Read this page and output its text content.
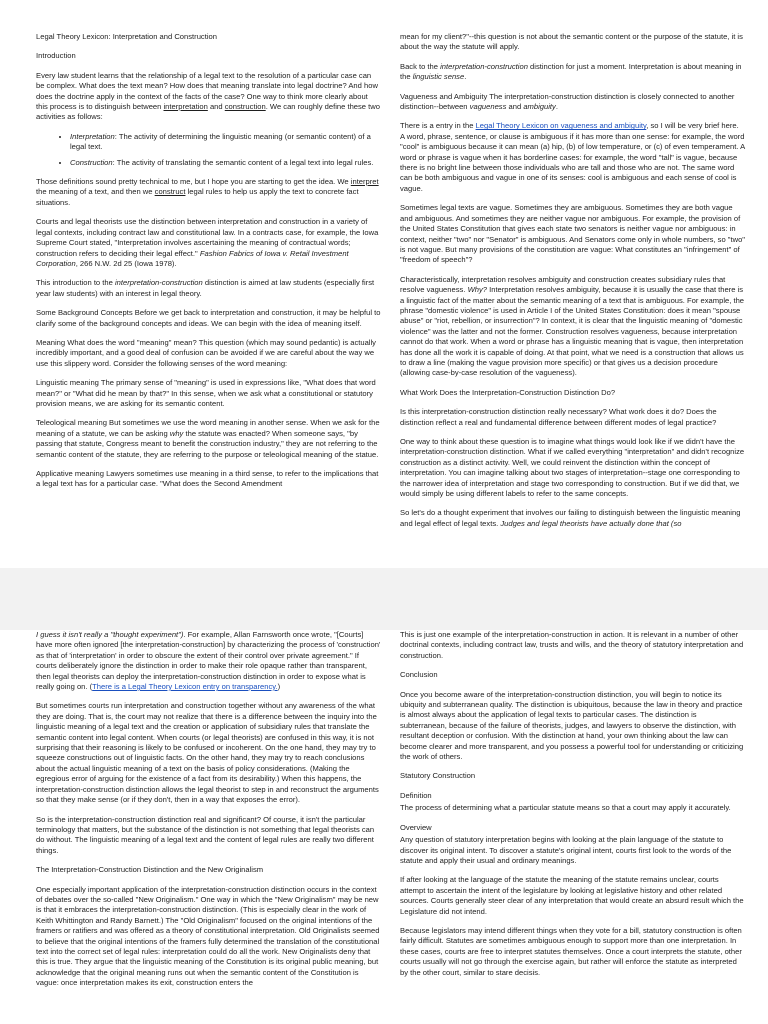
Legal Theory Lexicon: Interpretation and Construction

Introduction

Every law student learns that the relationship of a legal text to the resolution of a particular case can be complex. What does the text mean? How does that meaning translate into legal doctrine? And how does the doctrine apply in the context of the facts of the case? One way to think more clearly about this process is to distinguish between interpretation and construction. We can roughly define these two activities as follows:

• Interpretation: The activity of determining the linguistic meaning (or semantic content) of a legal text.
• Construction: The activity of translating the semantic content of a legal text into legal rules.

Those definitions sound pretty technical to me, but I hope you are starting to get the idea. We interpret the meaning of a text, and then we construct legal rules to help us apply the text to concrete fact situations.

Courts and legal theorists use the distinction between interpretation and construction in a variety of legal contexts, including contract law and constitutional law. In a contracts case, for example, the Iowa Supreme Court stated, "Interpretation involves ascertaining the meaning of contractual words; construction refers to deciding their legal effect." Fashion Fabrics of Iowa v. Retail Investment Corporation, 266 N.W. 2d 25 (Iowa 1978).

This introduction to the interpretation-construction distinction is aimed at law students (especially first year law students) with an interest in legal theory.

Some Background Concepts Before we get back to interpretation and construction, it may be helpful to clarify some of the background concepts and ideas. We can begin with the idea of meaning itself.

Meaning What does the word "meaning" mean? This question (which may sound pedantic) is actually incredibly important, and a good deal of confusion can be avoided if we are careful about the way we use this slippery word. Consider the following senses of the word meaning:

Linguistic meaning The primary sense of "meaning" is used in expressions like, "What does that word mean?" or "What did he mean by that?" In this sense, when we ask what a constitutional or statutory provision means, we are asking for its semantic content.

Teleological meaning But sometimes we use the word meaning in another sense. When we ask for the meaning of a statute, we can be asking why the statute was enacted? When someone says, "by passing that statute, Congress meant to benefit the construction industry," they are not referring to the semantic content of the statute, they are referring to the purpose or teleological meaning of the statue.

Applicative meaning Lawyers sometimes use meaning in a third sense, to refer to the implications that a legal text has for a particular case. "What does the Second Amendment

mean for my client?"--this question is not about the semantic content or the purpose of the statute, it is about the way the statute will apply.

Back to the interpretation-construction distinction for just a moment. Interpretation is about meaning in the linguistic sense.

Vagueness and Ambiguity The interpretation-construction distinction is closely connected to another distinction--between vagueness and ambiguity.

There is a entry in the Legal Theory Lexicon on vagueness and ambiguity, so I will be very brief here. A word, phrase, sentence, or clause is ambiguous if it has more than one sense: for example, the word "cool" is ambiguous because it can mean (a) hip, (b) of low temperature, or (c) of even temperament. A word or phrase is vague when it has borderline cases: for example, the word "tall" is vague, because there is no bright line between those individuals who are tall and those who are not. The same word can be both ambiguous and vague in one of its senses: cool is ambiguous and each sense of cool is vague.

Sometimes legal texts are vague. Sometimes they are ambiguous. Sometimes they are both vague and ambiguous. And sometimes they are neither vague nor ambiguous. For example, the provision of the United States Constitution that gives each state two senators is neither vague nor ambiguous: in context, neither "two" nor "Senator" is ambiguous. And Senators come only in whole numbers, so "two" is not vague. But many provisions of the constitution are vague: What constitutes an "infringement" of "freedom of speech"?

Characteristically, interpretation resolves ambiguity and construction creates subsidiary rules that resolve vagueness. Why? Interpretation resolves ambiguity, because it is usually the case that there is a linguistic fact of the matter about the semantic meaning of a text that is ambiguous. For example, the phrase "domestic violence" is used in Article I of the United States Constitution: does it mean "spouse abuse" or "riot, rebellion, or insurrection"? In context, it is clear that the linguistic meaning of "domestic violence" was the latter and not the former. Construction resolves vagueness, because interpretation cannot do that work. When a word or phrase has a linguistic meaning that is vague, then interpretation has done all the work it is capable of doing. At that point, what we need is a construction that allows us to draw a line (making the vague provision more specific) or that gives us a decision procedure (allowing case-by-case resolution of the vagueness).

What Work Does the Interpretation-Construction Distinction Do?

Is this interpretation-construction distinction really necessary? What work does it do? Does the distinction reflect a real and fundamental difference between different modes of legal practice?

One way to think about these question is to imagine what things would look like if we didn't have the interpretation-construction distinction. What if we called everything "interpretation" and didn't recognize construction as a distinct activity. Well, we could reinvent the distinction within the concept of interpretation. You can imagine talking about two stages of interpretation--stage one corresponding to the narrower idea of interpretation and stage two corresponding to construction. But if we did that, we would simply be using different labels to refer to the same concepts.

So let's do a thought experiment that involves our failing to distinguish between the linguistic meaning and legal effect of legal texts. Judges and legal theorists have actually done that (so

I guess it isn't really a "thought experiment"). For example, Allan Farnsworth once wrote, "[Courts] have more often ignored [the interpretation-construction] by characterizing the process of 'construction' as that of 'interpretation' in order to obscure the extent of their control over private agreement." If courts deliberately ignore the distinction in order to make their role opaque rather than transparent, then legal theorists can deploy the interpretation-construction distinction in order to expose what is really going on. (There is a Legal Theory Lexicon entry on transparency.)

But sometimes courts run interpretation and construction together without any awareness of the what they are doing. That is, the court may not realize that there is a difference between the inquiry into the linguistic meaning of a legal text and the creation or application of subsidiary rules that translate the semantic content into legal content. When courts (or legal theorists) are confused in this way, it is not surprising that their reasoning is likely to be confused or incoherent. On the one hand, they may try to squeeze constructions out of linguistic facts. On the other hand, they may try to reach conclusions about the actual linguistic meaning of a text on the basis of policy considerations. (Making the egregious error of arguing for the existence of a fact from its desirability.) When this happens, the interpretation-construction distinction allows the legal theorist to step in and reconstruct the arguments so that they make sense (or if they don't, then in a way that exposes the error).

So is the interpretation-construction distinction real and significant? Of course, it isn't the particular terminology that matters, but the substance of the distinction is not something that legal theorists can do without. The linguistic meaning of a legal text and the content of legal rules are really two different things.

The Interpretation-Construction Distinction and the New Originalism

One especially important application of the interpretation-construction distinction occurs in the context of debates over the so-called "New Originalism." One way in which the "New Originalism" may be new is that it embraces the interpretation-construction distinction. (This is especially clear in the work of Keith Whittington and Randy Barnett.) The "Old Originalism" focused on the original intentions of the framers or ratifiers and was offered as a theory of constitutional interpretation. Old Originalists seemed to believe that the original intentions of the framers fully determined the translation of the constitutional text into the correct set of legal rules: interpretation could do all the work. New Originalists deny that this is true. They argue that the linguistic meaning of the Constitution is its original public meaning, but acknowledge that the original meaning runs out when the semantic content of the Constitution is vague: once interpretation makes its exit, construction enters the

This is just one example of the interpretation-construction in action. It is relevant in a number of other doctrinal contexts, including contract law, trusts and wills, and the theory of statutory interpretation and construction.

Conclusion

Once you become aware of the interpretation-construction distinction, you will begin to notice its ubiquity and subterranean quality. The distinction is ubiquitous, because the law in theory and practice is almost always about the application of legal texts to particular cases. The distinction is subterranean, because of the failure of theorists, judges, and lawyers to observe the distinction, with resultant deception or confusion. With the distinction at hand, your own thinking about the law can become clearer and more transparent, and you possess a powerful tool for understanding or criticizing the work of others.

Statutory Construction

Definition

The process of determining what a particular statute means so that a court may apply it accurately.

Overview

Any question of statutory interpretation begins with looking at the plain language of the statute to discover its original intent. To discover a statute's original intent, courts first look to the words of the statute and apply their usual and ordinary meanings.

If after looking at the language of the statute the meaning of the statute remains unclear, courts attempt to ascertain the intent of the legislature by looking at legislative history and other related sources. Courts generally steer clear of any interpretation that would create an absurd result which the Legislature did not intend.

Because legislators may intend different things when they vote for a bill, statutory construction is often fairly difficult. Statutes are sometimes ambiguous enough to support more than one interpretation. In these cases, courts are free to interpret statutes themselves. Once a court interprets the statute, other courts usually will not go through the exercise again, but rather will enforce the statute as interpreted by the other court, similar to stare decisis.
